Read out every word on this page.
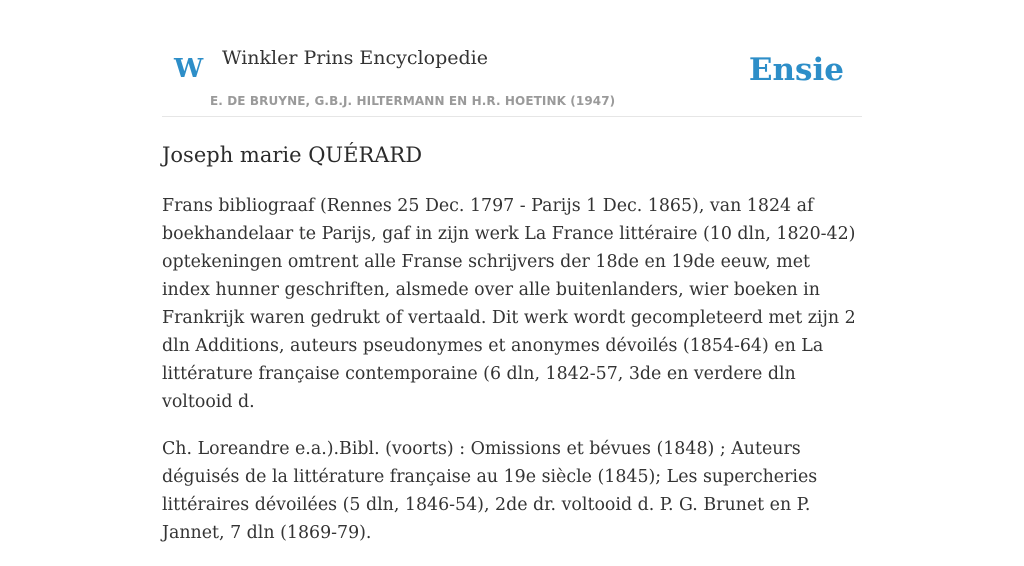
W Winkler Prins Encyclopedie
E. DE BRUYNE, G.B.J. HILTERMANN EN H.R. HOETINK (1947)
Ensie
Joseph marie QUÉRARD

Frans bibliograaf (Rennes 25 Dec. 1797 - Parijs 1 Dec. 1865), van 1824 af boekhandelaar te Parijs, gaf in zijn werk La France littéraire (10 dln, 1820-42) optekeningen omtrent alle Franse schrijvers der 18de en 19de eeuw, met index hunner geschriften, alsmede over alle buitenlanders, wier boeken in Frankrijk waren gedrukt of vertaald. Dit werk wordt gecompleteerd met zijn 2 dln Additions, auteurs pseudonymes et anonymes dévoilés (1854-64) en La littérature française contemporaine (6 dln, 1842-57, 3de en verdere dln voltooid d.

Ch. Loreandre e.a.).Bibl. (voorts) : Omissions et bévues (1848) ; Auteurs déguisés de la littérature française au 19e siècle (1845); Les supercheries littéraires dévoilées (5 dln, 1846-54), 2de dr. voltooid d. P. G. Brunet en P. Jannet, 7 dln (1869-79).
